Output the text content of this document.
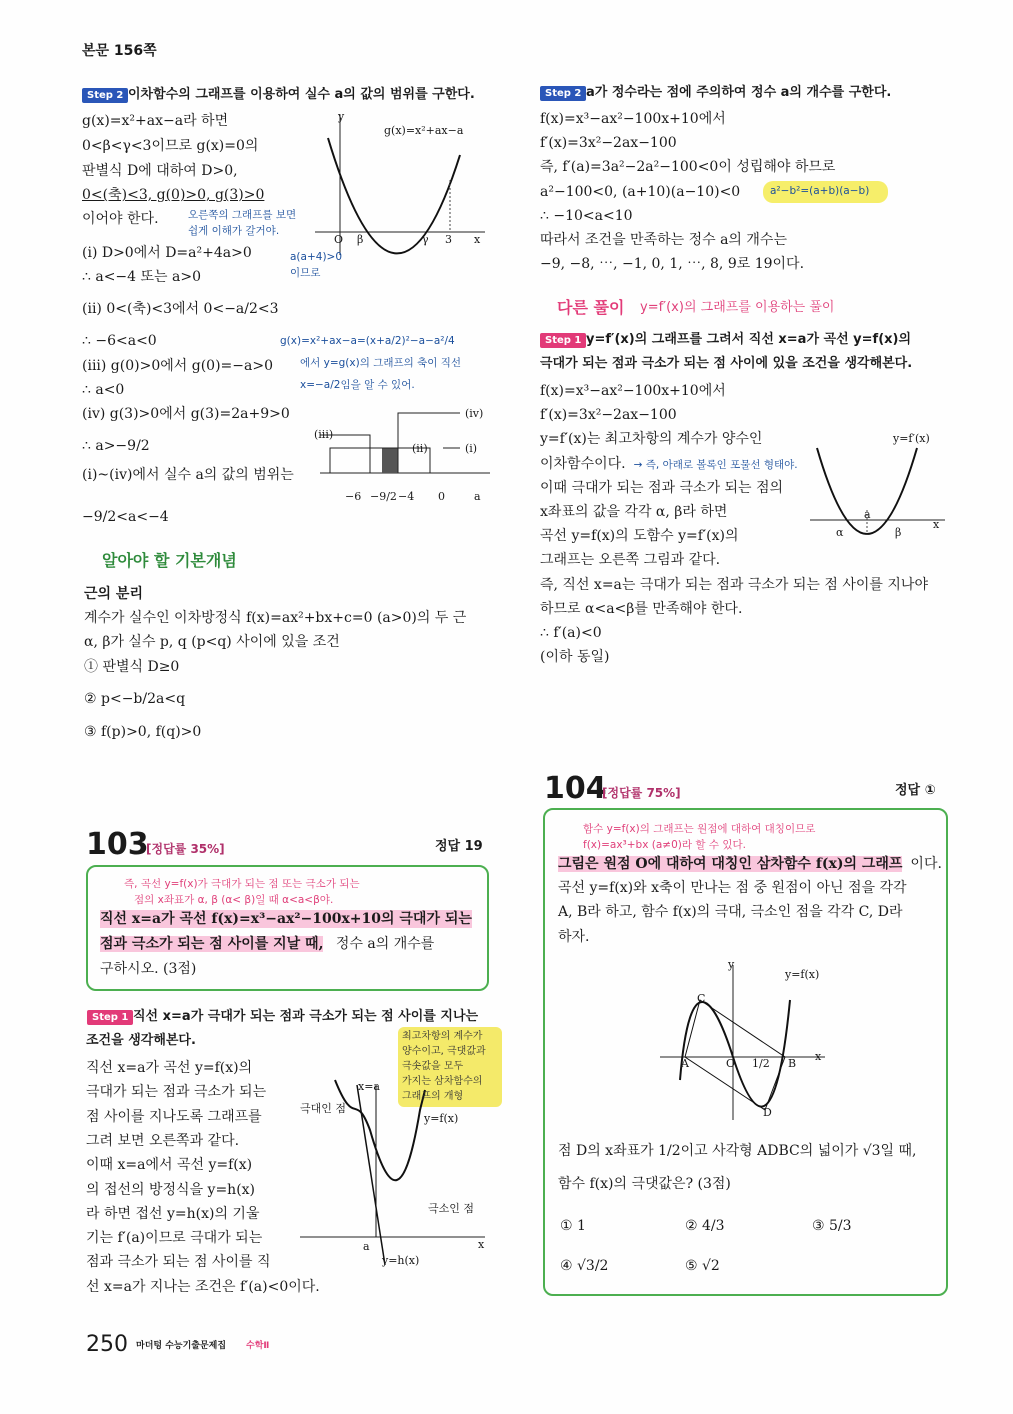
본문 156쪽
Step 2 이차함수의 그래프를 이용하여 실수 a의 값의 범위를 구한다.
g(x)=x²+ax−a
y
x
O β	γ 3
오른쪽의 그래프를 보면
쉽게 이해가 갈거야.
a(a+4)>0
이므로
g(x)=x²+ax−a=(x+a/2)²−a−a²/4
에서 y=g(x)의 그래프의 축이 직선
x=−a/2임을 알 수 있어.
(iv)
(iii)
(ii)	(i)
−6 −9/2 −4 0	a
알아야 할 기본개념
근의 분리
103
[정답률 35%]	정답 19
즉, 곡선 y=f(x)가 극대가 되는 점 또는 극소가 되는
점의 x좌표가 α, β (α< β)일 때 α<a<β야.
직선 x=a가 곡선 f(x)=x³−ax²−100x+10의 극대가 되는
점과 극소가 되는 점 사이를 지날 때, 정수 a의 개수를
구하시오. (3점)
Step 1 직선 x=a가 극대가 되는 점과 극소가 되는 점 사이를 지나는
조건을 생각해본다.
x=a
극대인 점
y=f(x)
극소인 점
a	x
y=h(x)
Step 2 a가 정수라는 점에 주의하여 정수 a의 개수를 구한다.
a²−b²=(a+b)(a−b)
다른 풀이 y=f′(x)의 그래프를 이용하는 풀이
Step 1 y=f′(x)의 그래프를 그려서 직선 x=a가 곡선 y=f(x)의
극대가 되는 점과 극소가 되는 점 사이에 있을 조건을 생각해본다.
y=f′(x)
a
α	β
x
104
[정답률 75%]	정답 ①
함수 y=f(x)의 그래프는 원점에 대하여 대칭이므로
f(x)=ax³+bx (a≠0)라 할 수 있다.
그림은 원점 O에 대하여 대칭인 삼차함수 f(x)의 그래프 이다.
곡선 y=f(x)와 x축이 만나는 점 중 원점이 아닌 점을 각각
A, B라 하고, 함수 f(x)의 극대, 극소인 점을 각각 C, D라
하자.
y
y=f(x)
C
O
A	1/2 B
x
D
점 D의 x좌표가 1/2이고 사각형 ADBC의 넓이가 √3일 때,
함수 f(x)의 극댓값은? (3점)
① 1	② 4/3	③ 5/3
④ √3/2	⑤ √2
250 마더텅 수능기출문제집 수학Ⅱ
g(x)=x²+ax−a라 하면
0<β<γ<3이므로 g(x)=0의
판별식 D에 대하여 D>0,
0<(축)<3, g(0)>0, g(3)>0
이어야 한다.
(i) D>0에서 D=a²+4a>0
∴ a<−4 또는 a>0
(ii) 0<(축)<3에서 0<−a/2<3
∴ −6<a<0
(iii) g(0)>0에서 g(0)=−a>0
∴ a<0
(iv) g(3)>0에서 g(3)=2a+9>0
∴ a>−9/2
(i)~(iv)에서 실수 a의 값의 범위는
−9/2<a<−4
계수가 실수인 이차방정식 f(x)=ax²+bx+c=0 (a>0)의 두 근
α, β가 실수 p, q (p<q) 사이에 있을 조건
① 판별식 D≥0
② p<−b/2a<q
③ f(p)>0, f(q)>0
직선 x=a가 곡선 y=f(x)의
극대가 되는 점과 극소가 되는
점 사이를 지나도록 그래프를
그려 보면 오른쪽과 같다.
이때 x=a에서 곡선 y=f(x)
의 접선의 방정식을 y=h(x)
라 하면 접선 y=h(x)의 기울
기는 f′(a)이므로 극대가 되는
점과 극소가 되는 점 사이를 직
선 x=a가 지나는 조건은 f′(a)<0이다.
최고차항의 계수가
양수이고, 극댓값과
극솟값을 모두
가지는 삼차함수의
그래프의 개형
f(x)=x³−ax²−100x+10에서
f′(x)=3x²−2ax−100
즉, f′(a)=3a²−2a²−100<0이 성립해야 하므로
a²−100<0, (a+10)(a−10)<0
∴ −10<a<10
따라서 조건을 만족하는 정수 a의 개수는
−9, −8, ⋯, −1, 0, 1, ⋯, 8, 9로 19이다.
f(x)=x³−ax²−100x+10에서
f′(x)=3x²−2ax−100
y=f′(x)는 최고차항의 계수가 양수인
이차함수이다. → 즉, 아래로 볼록인 포물선 형태야.
이때 극대가 되는 점과 극소가 되는 점의
x좌표의 값을 각각 α, β라 하면
곡선 y=f(x)의 도함수 y=f′(x)의
그래프는 오른쪽 그림과 같다.
즉, 직선 x=a는 극대가 되는 점과 극소가 되는 점 사이를 지나야
하므로 α<a<β를 만족해야 한다.
∴ f′(a)<0
(이하 동일)
